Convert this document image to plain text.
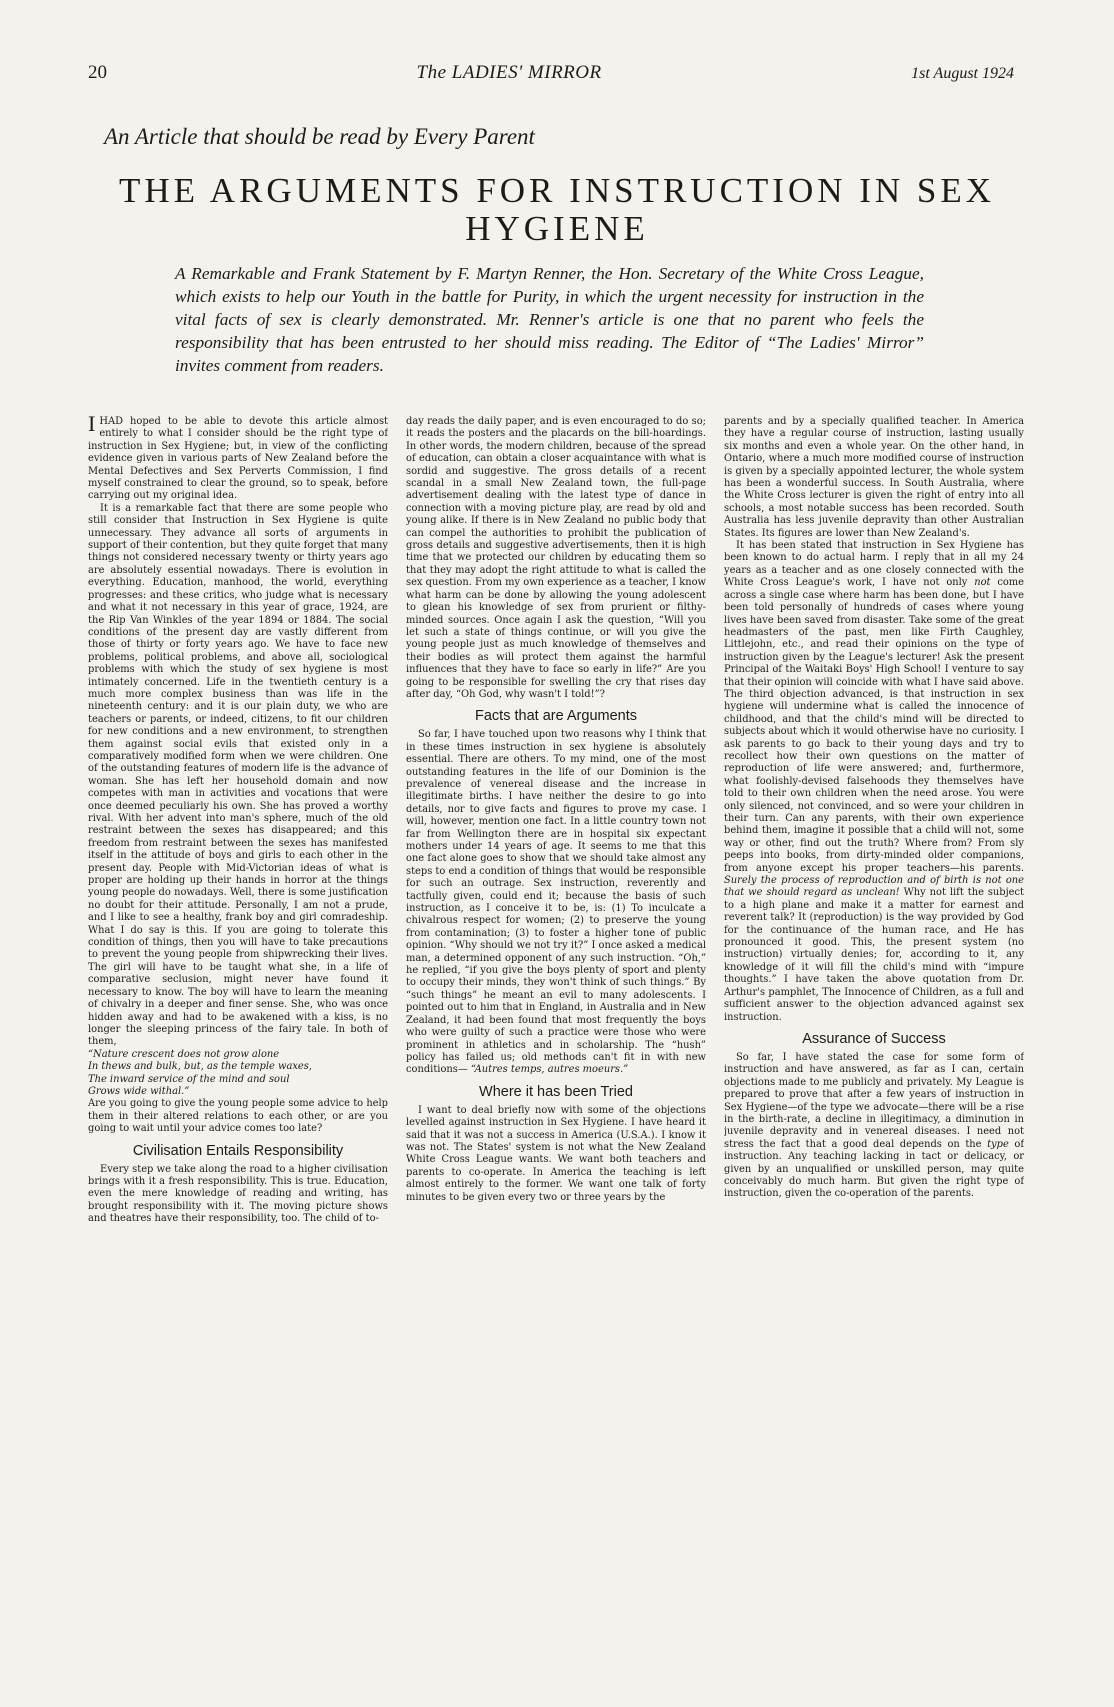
20	The LADIES' MIRROR	1st August 1924
An Article that should be read by Every Parent
THE ARGUMENTS FOR INSTRUCTION IN SEX HYGIENE

A Remarkable and Frank Statement by F. Martyn Renner, the Hon. Secretary of the White Cross League, which exists to help our Youth in the battle for Purity, in which the urgent necessity for instruction in the vital facts of sex is clearly demonstrated. Mr. Renner's article is one that no parent who feels the responsibility that has been entrusted to her should miss reading. The Editor of “The Ladies' Mirror” invites comment from readers.

IHAD hoped to be able to devote this article almost entirely to what I consider should be the right type of instruction in Sex Hygiene; but, in view of the conflicting evidence given in various parts of New Zealand before the Mental Defectives and Sex Perverts Commission, I find myself constrained to clear the ground, so to speak, before carrying out my original idea.

It is a remarkable fact that there are some people who still consider that Instruction in Sex Hygiene is quite unnecessary. They advance all sorts of arguments in support of their contention, but they quite forget that many things not considered necessary twenty or thirty years ago are absolutely essential nowadays. There is evolution in everything. Education, manhood, the world, everything progresses: and these critics, who judge what is necessary and what it not necessary in this year of grace, 1924, are the Rip Van Winkles of the year 1894 or 1884. The social conditions of the present day are vastly different from those of thirty or forty years ago. We have to face new problems, political problems, and above all, sociological problems with which the study of sex hygiene is most intimately concerned. Life in the twentieth century is a much more complex business than was life in the nineteenth century: and it is our plain duty, we who are teachers or parents, or indeed, citizens, to fit our children for new conditions and a new environment, to strengthen them against social evils that existed only in a comparatively modified form when we were children. One of the outstanding features of modern life is the advance of woman. She has left her household domain and now competes with man in activities and vocations that were once deemed peculiarly his own. She has proved a worthy rival. With her advent into man's sphere, much of the old restraint between the sexes has disappeared; and this freedom from restraint between the sexes has manifested itself in the attitude of boys and girls to each other in the present day. People with Mid-Victorian ideas of what is proper are holding up their hands in horror at the things young people do nowadays. Well, there is some justification no doubt for their attitude. Personally, I am not a prude, and I like to see a healthy, frank boy and girl comradeship. What I do say is this. If you are going to tolerate this condition of things, then you will have to take precautions to prevent the young people from shipwrecking their lives. The girl will have to be taught what she, in a life of comparative seclusion, might never have found it necessary to know. The boy will have to learn the meaning of chivalry in a deeper and finer sense. She, who was once hidden away and had to be awakened with a kiss, is no longer the sleeping princess of the fairy tale. In both of them,

“Nature crescent does not grow alone

In thews and bulk, but, as the temple waxes,

The inward service of the mind and soul

Grows wide withal.”

Are you going to give the young people some advice to help them in their altered relations to each other, or are you going to wait until your advice comes too late?

Civilisation Entails Responsibility

Every step we take along the road to a higher civilisation brings with it a fresh responsibility. This is true. Education, even the mere knowledge of reading and writing, has brought responsibility with it. The moving picture shows and theatres have their responsibility, too. The child of to-

day reads the daily paper, and is even encouraged to do so; it reads the posters and the placards on the bill-hoardings. In other words, the modern children, because of the spread of education, can obtain a closer acquaintance with what is sordid and suggestive. The gross details of a recent scandal in a small New Zealand town, the full-page advertisement dealing with the latest type of dance in connection with a moving picture play, are read by old and young alike. If there is in New Zealand no public body that can compel the authorities to prohibit the publication of gross details and suggestive advertisements, then it is high time that we protected our children by educating them so that they may adopt the right attitude to what is called the sex question. From my own experience as a teacher, I know what harm can be done by allowing the young adolescent to glean his knowledge of sex from prurient or filthy-minded sources. Once again I ask the question, “Will you let such a state of things continue, or will you give the young people just as much knowledge of themselves and their bodies as will protect them against the harmful influences that they have to face so early in life?” Are you going to be responsible for swelling the cry that rises day after day, “Oh God, why wasn't I told!”?

Facts that are Arguments

So far, I have touched upon two reasons why I think that in these times instruction in sex hygiene is absolutely essential. There are others. To my mind, one of the most outstanding features in the life of our Dominion is the prevalence of venereal disease and the increase in illegitimate births. I have neither the desire to go into details, nor to give facts and figures to prove my case. I will, however, mention one fact. In a little country town not far from Wellington there are in hospital six expectant mothers under 14 years of age. It seems to me that this one fact alone goes to show that we should take almost any steps to end a condition of things that would be responsible for such an outrage. Sex instruction, reverently and tactfully given, could end it; because the basis of such instruction, as I conceive it to be, is: (1) To inculcate a chivalrous respect for women; (2) to preserve the young from contamination; (3) to foster a higher tone of public opinion. “Why should we not try it?” I once asked a medical man, a determined opponent of any such instruction. “Oh,” he replied, “if you give the boys plenty of sport and plenty to occupy their minds, they won't think of such things.” By “such things” he meant an evil to many adolescents. I pointed out to him that in England, in Australia and in New Zealand, it had been found that most frequently the boys who were guilty of such a practice were those who were prominent in athletics and in scholarship. The “hush” policy has failed us; old methods can't fit in with new conditions— “Autres temps, autres moeurs.”

Where it has been Tried

I want to deal briefly now with some of the objections levelled against instruction in Sex Hygiene. I have heard it said that it was not a success in America (U.S.A.). I know it was not. The States' system is not what the New Zealand White Cross League wants. We want both teachers and parents to co-operate. In America the teaching is left almost entirely to the former. We want one talk of forty minutes to be given every two or three years by the

parents and by a specially qualified teacher. In America they have a regular course of instruction, lasting usually six months and even a whole year. On the other hand, in Ontario, where a much more modified course of instruction is given by a specially appointed lecturer, the whole system has been a wonderful success. In South Australia, where the White Cross lecturer is given the right of entry into all schools, a most notable success has been recorded. South Australia has less juvenile depravity than other Australian States. Its figures are lower than New Zealand's.

It has been stated that instruction in Sex Hygiene has been known to do actual harm. I reply that in all my 24 years as a teacher and as one closely connected with the White Cross League's work, I have not only not come across a single case where harm has been done, but I have been told personally of hundreds of cases where young lives have been saved from disaster. Take some of the great headmasters of the past, men like Firth Caughley, Littlejohn, etc., and read their opinions on the type of instruction given by the League's lecturer! Ask the present Principal of the Waitaki Boys' High School! I venture to say that their opinion will coincide with what I have said above. The third objection advanced, is that instruction in sex hygiene will undermine what is called the innocence of childhood, and that the child's mind will be directed to subjects about which it would otherwise have no curiosity. I ask parents to go back to their young days and try to recollect how their own questions on the matter of reproduction of life were answered; and, furthermore, what foolishly-devised falsehoods they themselves have told to their own children when the need arose. You were only silenced, not convinced, and so were your children in their turn. Can any parents, with their own experience behind them, imagine it possible that a child will not, some way or other, find out the truth? Where from? From sly peeps into books, from dirty-minded older companions, from anyone except his proper teachers—his parents. Surely the process of reproduction and of birth is not one that we should regard as unclean! Why not lift the subject to a high plane and make it a matter for earnest and reverent talk? It (reproduction) is the way provided by God for the continuance of the human race, and He has pronounced it good. This, the present system (no instruction) virtually denies; for, according to it, any knowledge of it will fill the child's mind with “impure thoughts.” I have taken the above quotation from Dr. Arthur's pamphlet, The Innocence of Children, as a full and sufficient answer to the objection advanced against sex instruction.

Assurance of Success

So far, I have stated the case for some form of instruction and have answered, as far as I can, certain objections made to me publicly and privately. My League is prepared to prove that after a few years of instruction in Sex Hygiene—of the type we advocate—there will be a rise in the birth-rate, a decline in illegitimacy, a diminution in juvenile depravity and in venereal diseases. I need not stress the fact that a good deal depends on the type of instruction. Any teaching lacking in tact or delicacy, or given by an unqualified or unskilled person, may quite conceivably do much harm. But given the right type of instruction, given the co-operation of the parents.
